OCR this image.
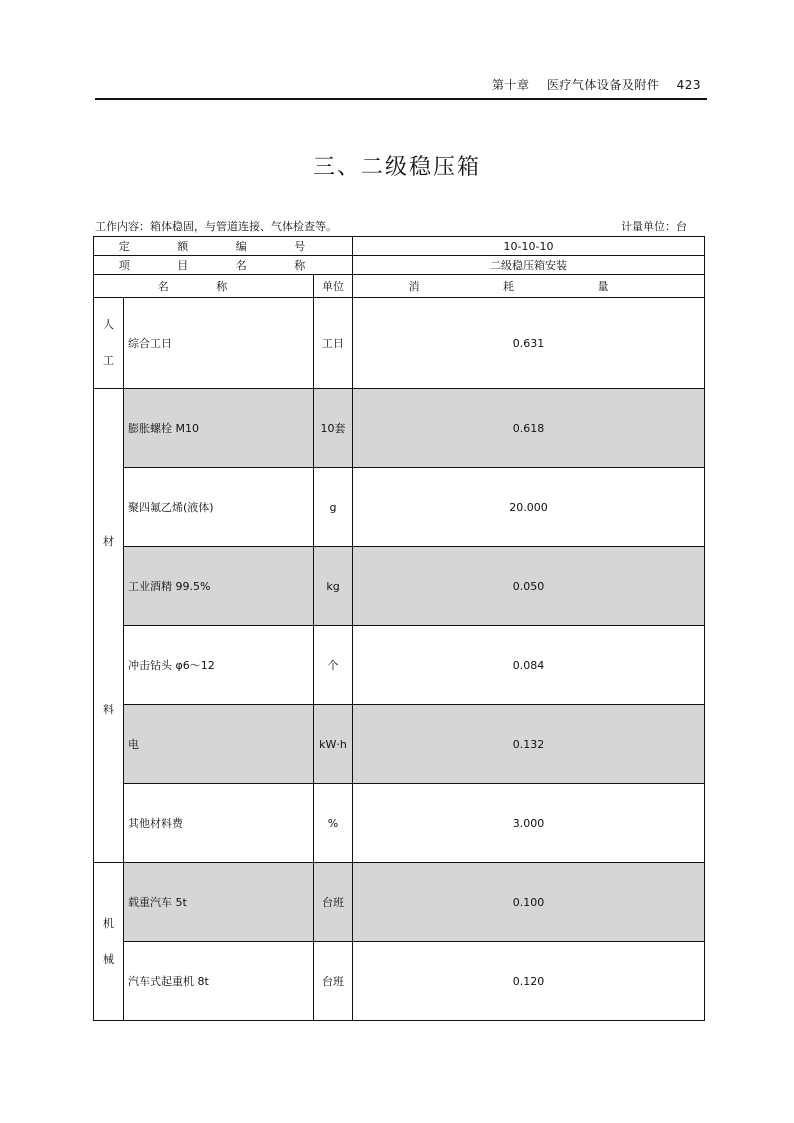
第十章 医疗气体设备及附件 423
三、二级稳压箱
工作内容：箱体稳固，与管道连接、气体检查等。	计量单位：台
定 额 编 号			10-10-10
项 目 名 称			二级稳压箱安装
名 称		单位	消 耗 量

人
工	综合工日	工日	0.631

材
料	膨胀螺栓 M10	10套	0.618
	聚四氟乙烯(液体)	g	20.000
	工业酒精 99.5%	kg	0.050
	冲击钻头 φ6～12	个	0.084
	电	kW·h	0.132
	其他材料费	%	3.000

机
械	载重汽车 5t	台班	0.100
	汽车式起重机 8t	台班	0.120
